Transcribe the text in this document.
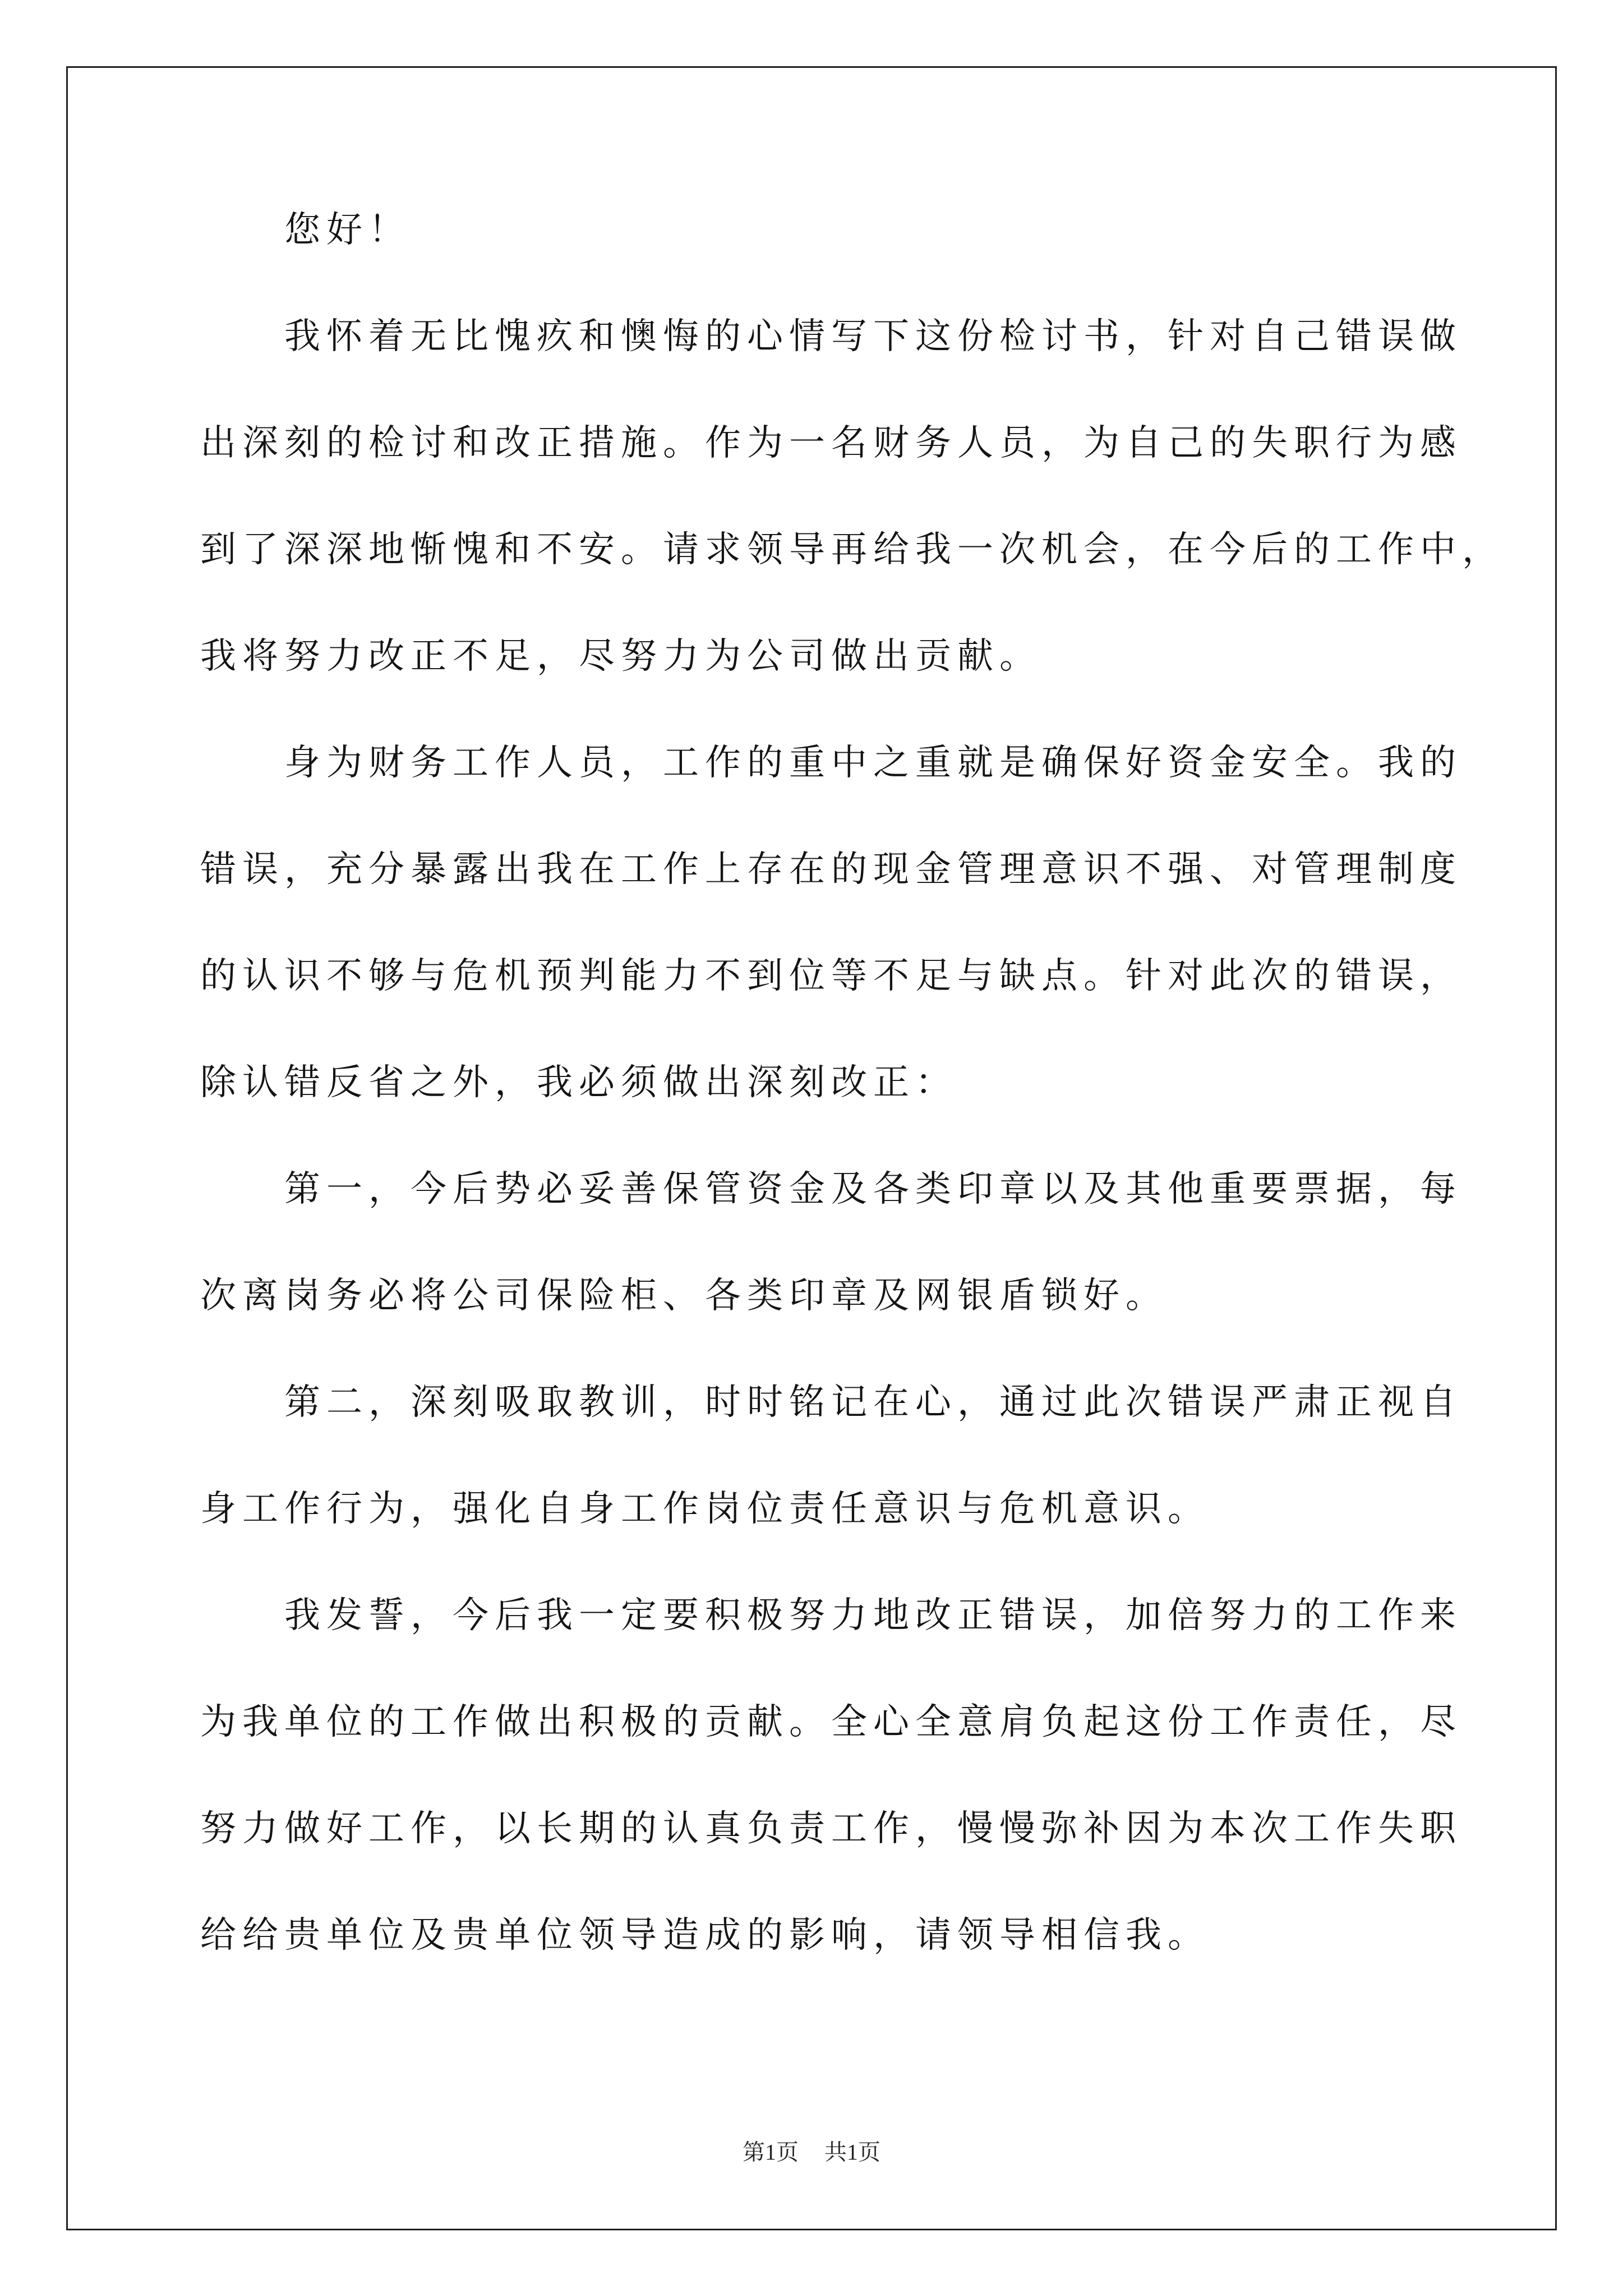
您好！
我怀着无比愧疚和懊悔的心情写下这份检讨书，针对自己错误做
出深刻的检讨和改正措施。作为一名财务人员，为自己的失职行为感
到了深深地惭愧和不安。请求领导再给我一次机会，在今后的工作中，
我将努力改正不足，尽努力为公司做出贡献。
身为财务工作人员，工作的重中之重就是确保好资金安全。我的
错误，充分暴露出我在工作上存在的现金管理意识不强、对管理制度
的认识不够与危机预判能力不到位等不足与缺点。针对此次的错误，
除认错反省之外，我必须做出深刻改正：
第一，今后势必妥善保管资金及各类印章以及其他重要票据，每
次离岗务必将公司保险柜、各类印章及网银盾锁好。
第二，深刻吸取教训，时时铭记在心，通过此次错误严肃正视自
身工作行为，强化自身工作岗位责任意识与危机意识。
我发誓，今后我一定要积极努力地改正错误，加倍努力的工作来
为我单位的工作做出积极的贡献。全心全意肩负起这份工作责任，尽
努力做好工作，以长期的认真负责工作，慢慢弥补因为本次工作失职
给给贵单位及贵单位领导造成的影响，请领导相信我。
第1页 共1页
